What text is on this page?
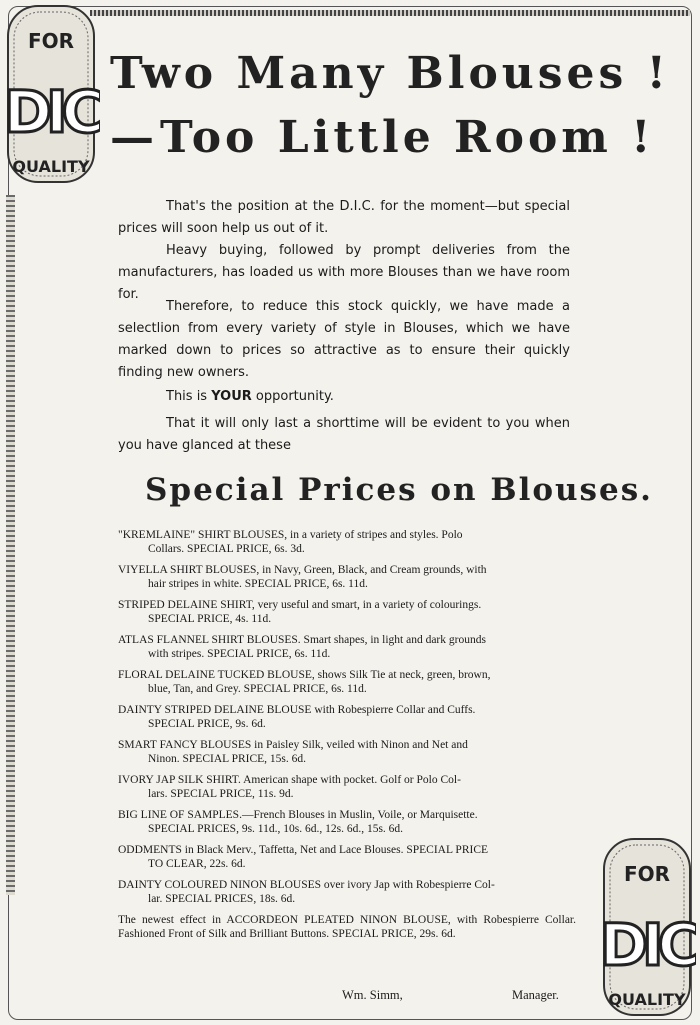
FOR
DIC
QUALITY
FOR
DIC
QUALITY
Two Many Blouses !
— Too Little Room !

That's the position at the D.I.C. for the moment—but special prices will soon help us out of it.

Heavy buying, followed by prompt deliveries from the manufacturers, has loaded us with more Blouses than we have room for.

Therefore, to reduce this stock quickly, we have made a selectlion from every variety of style in Blouses, which we have marked down to prices so attractive as to ensure their quickly finding new owners.

This is YOUR opportunity.

That it will only last a shorttime will be evident to you when you have glanced at these

Special Prices on Blouses.
"KREMLAINE" SHIRT BLOUSES, in a variety of stripes and styles. Polo
Collars. SPECIAL PRICE, 6s. 3d.
VIYELLA SHIRT BLOUSES, in Navy, Green, Black, and Cream grounds, with
hair stripes in white. SPECIAL PRICE, 6s. 11d.
STRIPED DELAINE SHIRT, very useful and smart, in a variety of colourings.
SPECIAL PRICE, 4s. 11d.
ATLAS FLANNEL SHIRT BLOUSES. Smart shapes, in light and dark grounds
with stripes. SPECIAL PRICE, 6s. 11d.
FLORAL DELAINE TUCKED BLOUSE, shows Silk Tie at neck, green, brown,
blue, Tan, and Grey. SPECIAL PRICE, 6s. 11d.
DAINTY STRIPED DELAINE BLOUSE with Robespierre Collar and Cuffs.
SPECIAL PRICE, 9s. 6d.
SMART FANCY BLOUSES in Paisley Silk, veiled with Ninon and Net and
Ninon. SPECIAL PRICE, 15s. 6d.
IVORY JAP SILK SHIRT. American shape with pocket. Golf or Polo Col-
lars. SPECIAL PRICE, 11s. 9d.
BIG LINE OF SAMPLES.—French Blouses in Muslin, Voile, or Marquisette.
SPECIAL PRICES, 9s. 11d., 10s. 6d., 12s. 6d., 15s. 6d.
ODDMENTS in Black Merv., Taffetta, Net and Lace Blouses. SPECIAL PRICE
TO CLEAR, 22s. 6d.
DAINTY COLOURED NINON BLOUSES over ivory Jap with Robespierre Col-
lar. SPECIAL PRICES, 18s. 6d.
The newest effect in ACCORDEON PLEATED NINON BLOUSE, with Robespierre Collar. Fashioned Front of Silk and Brilliant Buttons. SPECIAL PRICE, 29s. 6d.
Wm. Simm,	Manager.
